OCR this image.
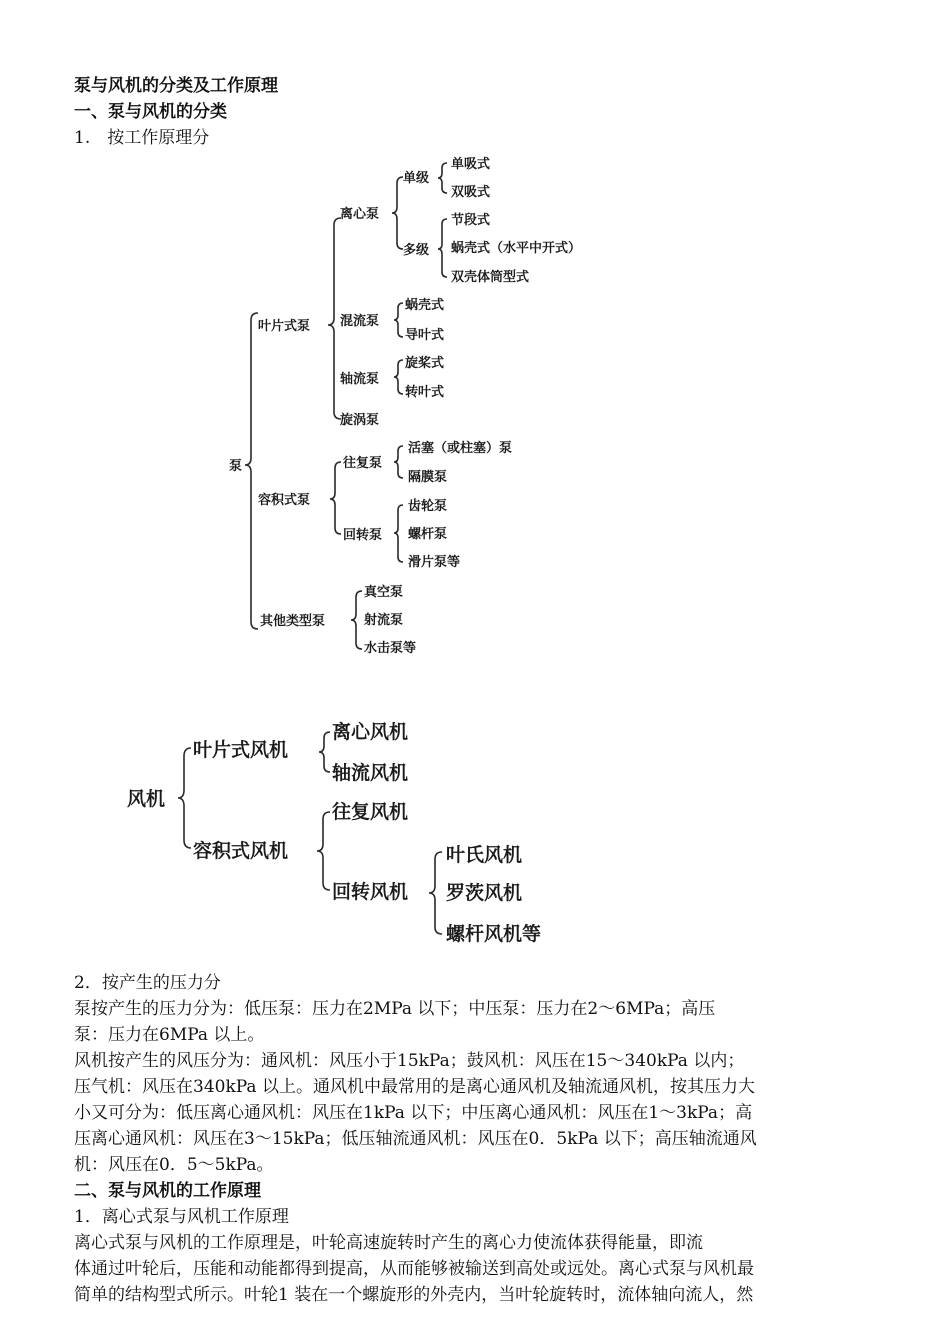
泵与风机的分类及工作原理
一、泵与风机的分类
1.　按工作原理分
泵
叶片式泵
离心泵
单级
单吸式
双吸式
多级
节段式
蜗壳式（水平中开式）
双壳体筒型式
混流泵
蜗壳式
导叶式
轴流泵
旋桨式
转叶式
旋涡泵
容积式泵
往复泵
活塞（或柱塞）泵
隔膜泵
回转泵
齿轮泵
螺杆泵
滑片泵等
其他类型泵
真空泵
射流泵
水击泵等
风机
叶片式风机
离心风机
轴流风机
容积式风机
往复风机
回转风机
叶氏风机
罗茨风机
螺杆风机等
2．按产生的压力分
泵按产生的压力分为：低压泵：压力在2MPa 以下；中压泵：压力在2～6MPa；高压
泵：压力在6MPa 以上。
风机按产生的风压分为：通风机：风压小于15kPa；鼓风机：风压在15～340kPa 以内；
压气机：风压在340kPa 以上。通风机中最常用的是离心通风机及轴流通风机，按其压力大
小又可分为：低压离心通风机：风压在1kPa 以下；中压离心通风机：风压在1～3kPa；高
压离心通风机：风压在3～15kPa；低压轴流通风机：风压在0．5kPa 以下；高压轴流通风
机：风压在0．5～5kPa。
二、泵与风机的工作原理
1．离心式泵与风机工作原理
离心式泵与风机的工作原理是，叶轮高速旋转时产生的离心力使流体获得能量，即流
体通过叶轮后，压能和动能都得到提高，从而能够被输送到高处或远处。离心式泵与风机最
简单的结构型式所示。叶轮1 装在一个螺旋形的外壳内，当叶轮旋转时，流体轴向流人，然
